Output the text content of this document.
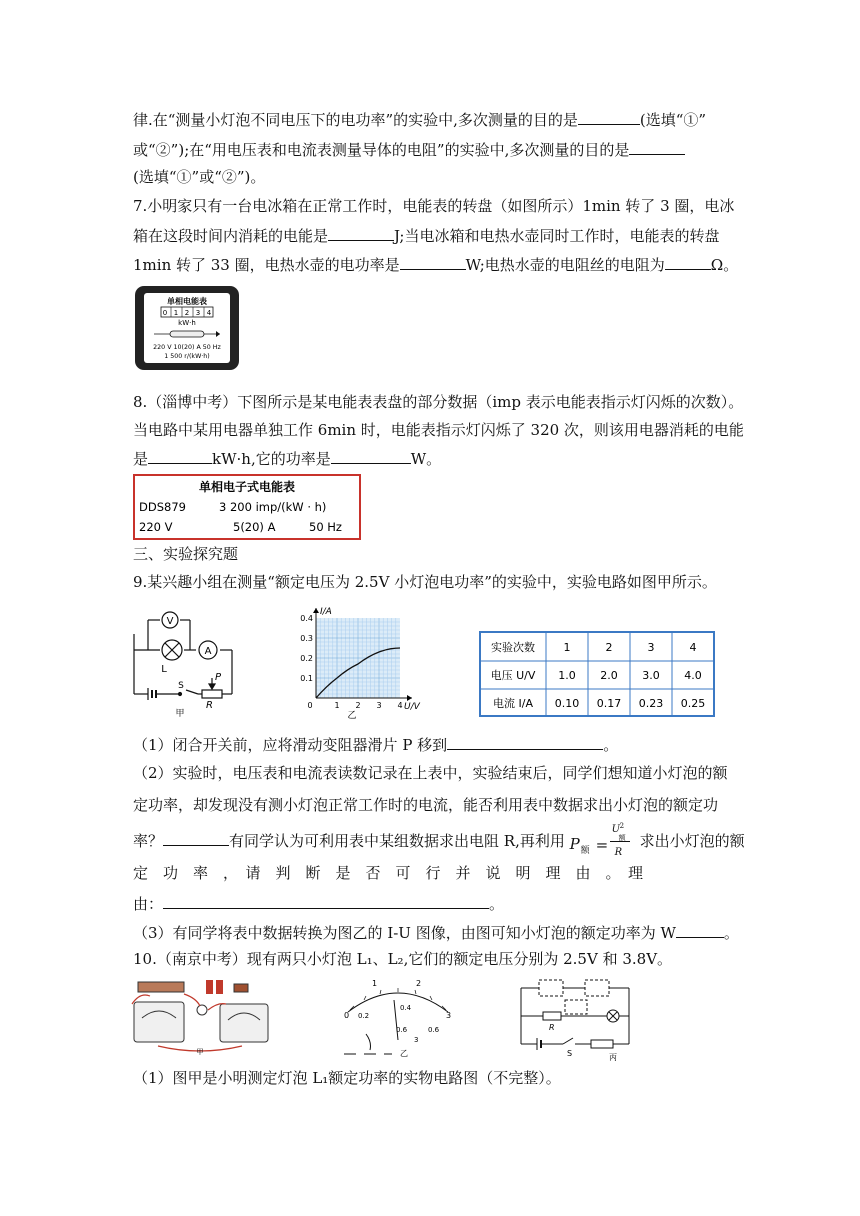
律.在“测量小灯泡不同电压下的电功率”的实验中,多次测量的目的是	(选填“①”
或“②”);在“用电压表和电流表测量导体的电阻”的实验中,多次测量的目的是
(选填“①”或“②”)。
7.小明家只有一台电冰箱在正常工作时，电能表的转盘（如图所示）1min 转了 3 圈，电冰
箱在这段时间内消耗的电能是	J;当电冰箱和电热水壶同时工作时，电能表的转盘
1min 转了 33 圈，电热水壶的电功率是	W;电热水壶的电阻丝的电阻为	Ω。
单相电能表
0 1 2 3 4
kW·h
220 V 10(20) A 50 Hz
1 500 r/(kW·h)
8.（淄博中考）下图所示是某电能表表盘的部分数据（imp 表示电能表指示灯闪烁的次数）。
当电路中某用电器单独工作 6min 时，电能表指示灯闪烁了 320 次，则该用电器消耗的电能
是	kW·h,它的功率是	W。
单相电子式电能表
DDS879	3 200 imp/(kW · h)
220 V	5(20) A	50 Hz
三、实验探究题
9.某兴趣小组在测量“额定电压为 2.5V 小灯泡电功率”的实验中，实验电路如图甲所示。
V
A
L
S
P
R
甲
0	1 2 3 4
0.1
0.2
0.3
0.4
U/V
I/A
乙
实验次数	1	2	3	4
电压 U/V 1.0 2.0 3.0 4.0
电流 I/A 0.10 0.17 0.23 0.25
（1）闭合开关前，应将滑动变阻器滑片 P 移到	。
（2）实验时，电压表和电流表读数记录在上表中，实验结束后，同学们想知道小灯泡的额
定功率，却发现没有测小灯泡正常工作时的电流，能否利用表中数据求出小灯泡的额定功
率？	有同学认为可利用表中某组数据求出电阻 R,再利用 P 额 =
U 2
额
R
求出小灯泡的额
定　功　率　，　请　判　断　是　否　可　行　并　说　明　理　由　。　理
由：	。
（3）有同学将表中数据转换为图乙的 I-U 图像，由图可知小灯泡的额定功率为 W	。
10.（南京中考）现有两只小灯泡 L₁、L₂,它们的额定电压分别为 2.5V 和 3.8V。
甲
0
1	2
3
0.2
0.4
0.6
0.6
3
乙
R
S	丙
（1）图甲是小明测定灯泡 L₁额定功率的实物电路图（不完整）。
